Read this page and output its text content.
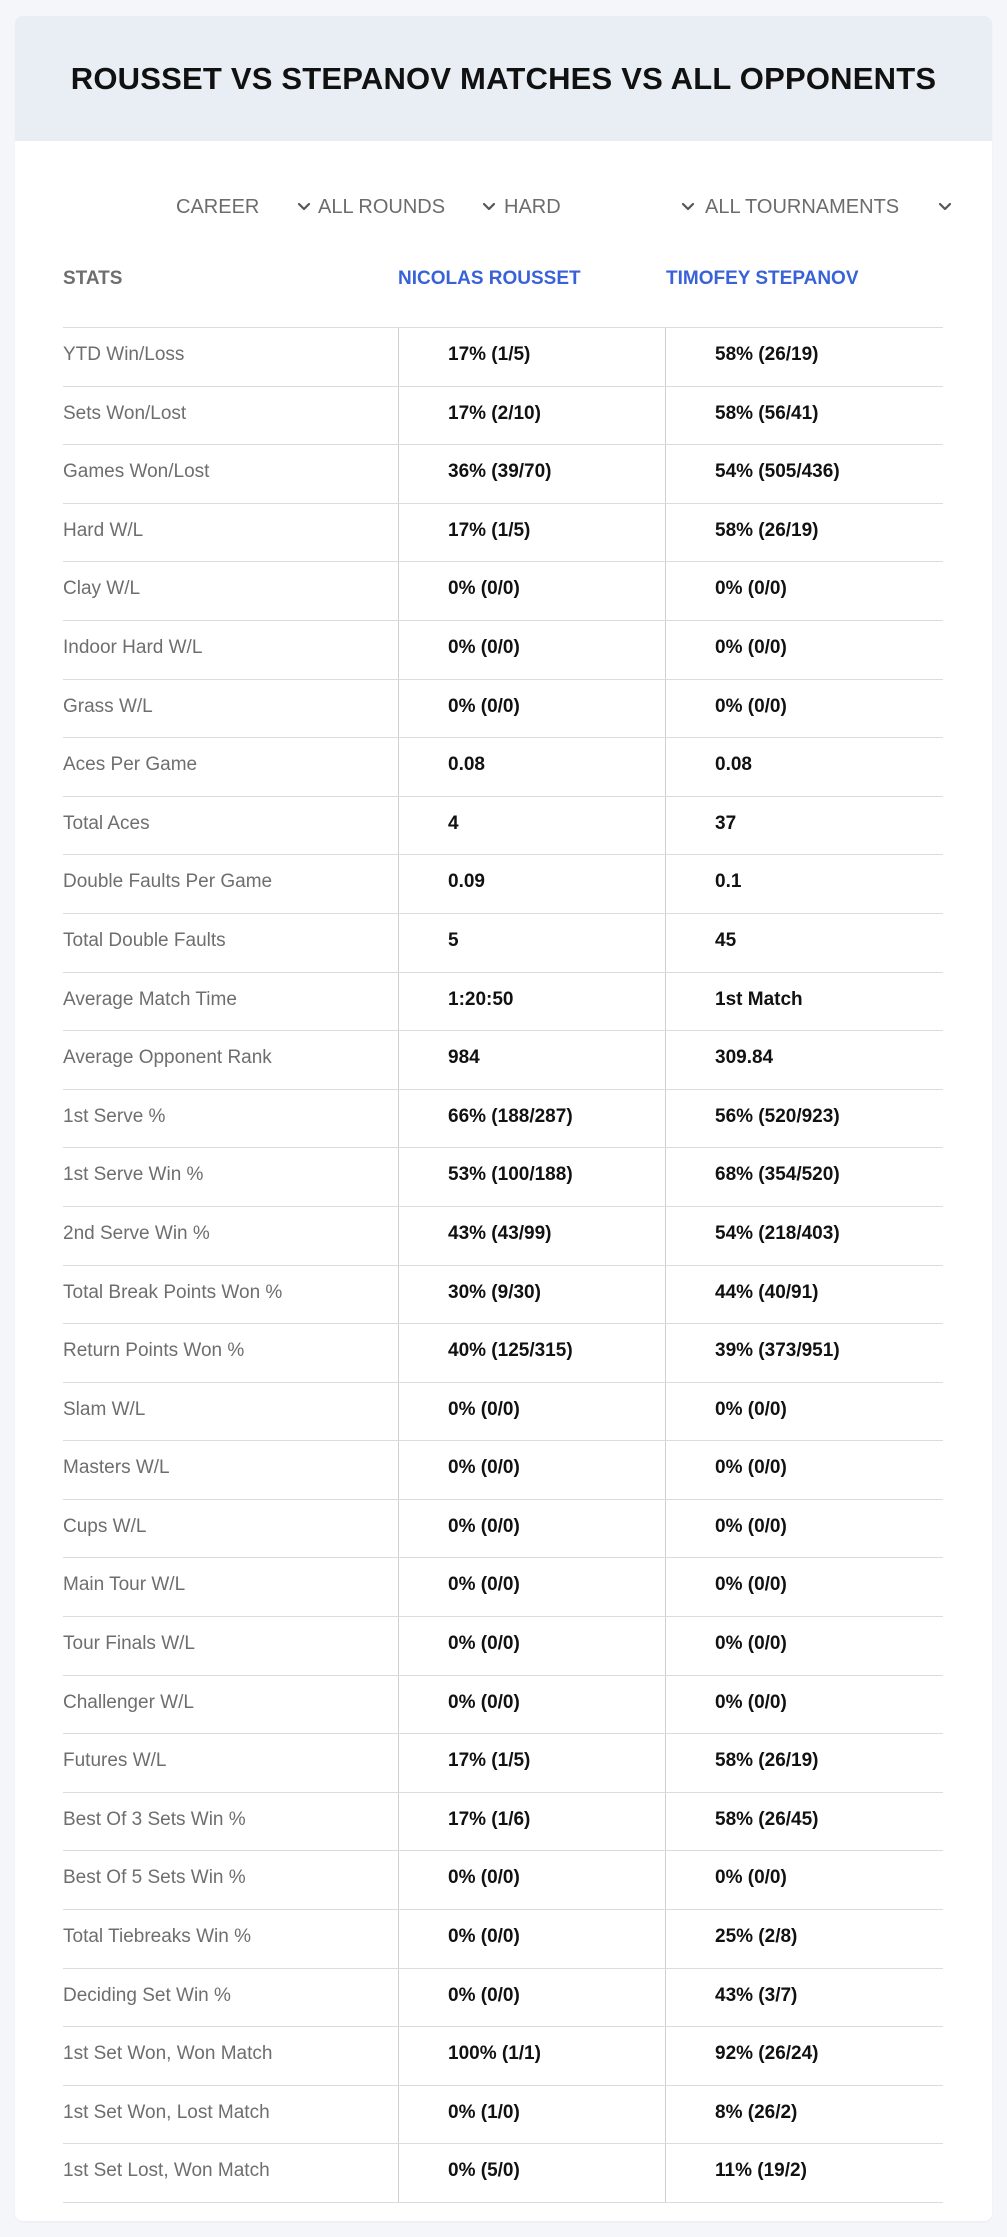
ROUSSET VS STEPANOV MATCHES VS ALL OPPONENTS
CAREER	ALL ROUNDS	HARD	ALL TOURNAMENTS
STATS	NICOLAS ROUSSET	TIMOFEY STEPANOV
YTD Win/Loss	17% (1/5)	58% (26/19)
Sets Won/Lost	17% (2/10)	58% (56/41)
Games Won/Lost	36% (39/70)	54% (505/436)
Hard W/L	17% (1/5)	58% (26/19)
Clay W/L	0% (0/0)	0% (0/0)
Indoor Hard W/L	0% (0/0)	0% (0/0)
Grass W/L	0% (0/0)	0% (0/0)
Aces Per Game	0.08	0.08
Total Aces	4	37
Double Faults Per Game	0.09	0.1
Total Double Faults	5	45
Average Match Time	1:20:50	1st Match
Average Opponent Rank	984	309.84
1st Serve %	66% (188/287)	56% (520/923)
1st Serve Win %	53% (100/188)	68% (354/520)
2nd Serve Win %	43% (43/99)	54% (218/403)
Total Break Points Won %	30% (9/30)	44% (40/91)
Return Points Won %	40% (125/315)	39% (373/951)
Slam W/L	0% (0/0)	0% (0/0)
Masters W/L	0% (0/0)	0% (0/0)
Cups W/L	0% (0/0)	0% (0/0)
Main Tour W/L	0% (0/0)	0% (0/0)
Tour Finals W/L	0% (0/0)	0% (0/0)
Challenger W/L	0% (0/0)	0% (0/0)
Futures W/L	17% (1/5)	58% (26/19)
Best Of 3 Sets Win %	17% (1/6)	58% (26/45)
Best Of 5 Sets Win %	0% (0/0)	0% (0/0)
Total Tiebreaks Win %	0% (0/0)	25% (2/8)
Deciding Set Win %	0% (0/0)	43% (3/7)
1st Set Won, Won Match	100% (1/1)	92% (26/24)
1st Set Won, Lost Match	0% (1/0)	8% (26/2)
1st Set Lost, Won Match	0% (5/0)	11% (19/2)
